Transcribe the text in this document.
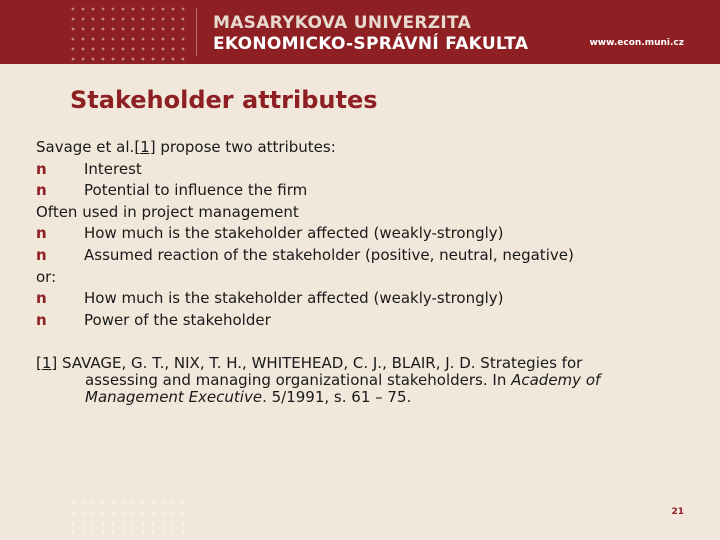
MASARYKOVA UNIVERZITA
EKONOMICKO-SPRÁVNÍ FAKULTA	www.econ.muni.cz
Stakeholder attributes
Savage et al.[1] propose two attributes:
n Interest
n Potential to influence the firm
Often used in project management
n How much is the stakeholder affected (weakly-strongly)
n Assumed reaction of the stakeholder (positive, neutral, negative)
or:
n How much is the stakeholder affected (weakly-strongly)
n Power of the stakeholder
[1] SAVAGE, G. T., NIX, T. H., WHITEHEAD, C. J., BLAIR, J. D. Strategies for
assessing and managing organizational stakeholders. In Academy of
Management Executive. 5/1991, s. 61 – 75.
21
